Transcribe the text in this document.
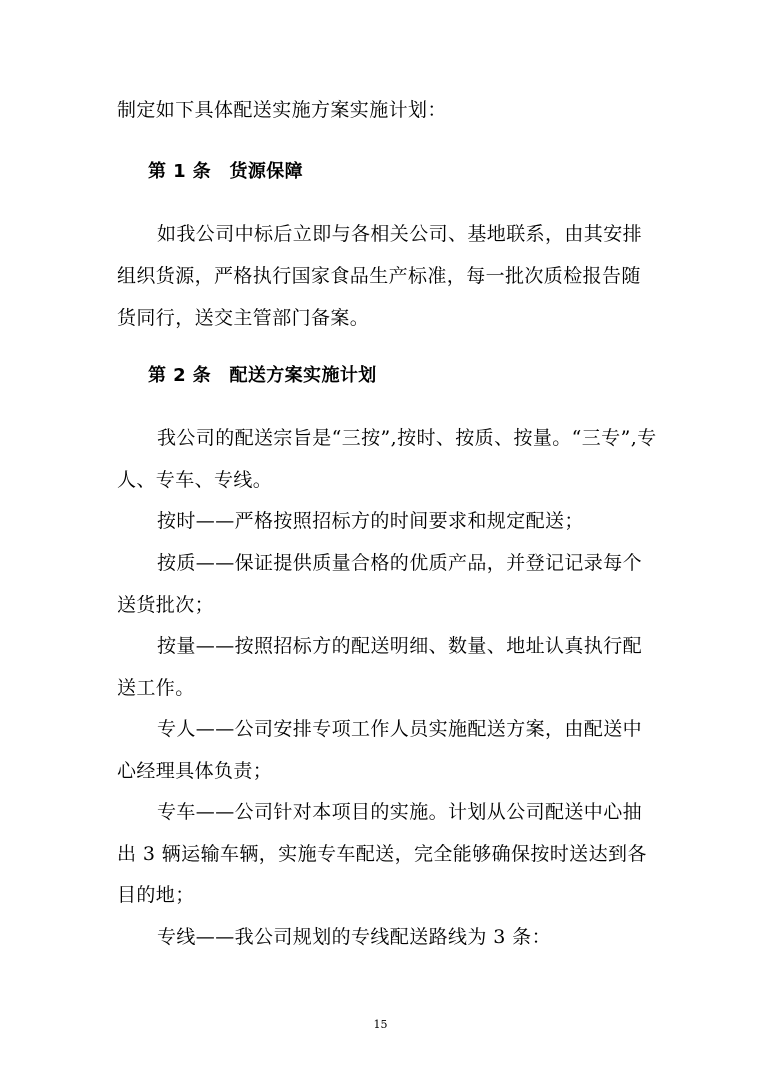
制定如下具体配送实施方案实施计划：
第 1 条　货源保障
如我公司中标后立即与各相关公司、基地联系，由其安排
组织货源，严格执行国家食品生产标准，每一批次质检报告随
货同行，送交主管部门备案。
第 2 条　配送方案实施计划
我公司的配送宗旨是“三按”,按时、按质、按量。“三专”,专
人、专车、专线。
按时——严格按照招标方的时间要求和规定配送；
按质——保证提供质量合格的优质产品，并登记记录每个
送货批次；
按量——按照招标方的配送明细、数量、地址认真执行配
送工作。
专人——公司安排专项工作人员实施配送方案，由配送中
心经理具体负责；
专车——公司针对本项目的实施。计划从公司配送中心抽
出 3 辆运输车辆，实施专车配送，完全能够确保按时送达到各
目的地；
专线——我公司规划的专线配送路线为 3 条：
15
